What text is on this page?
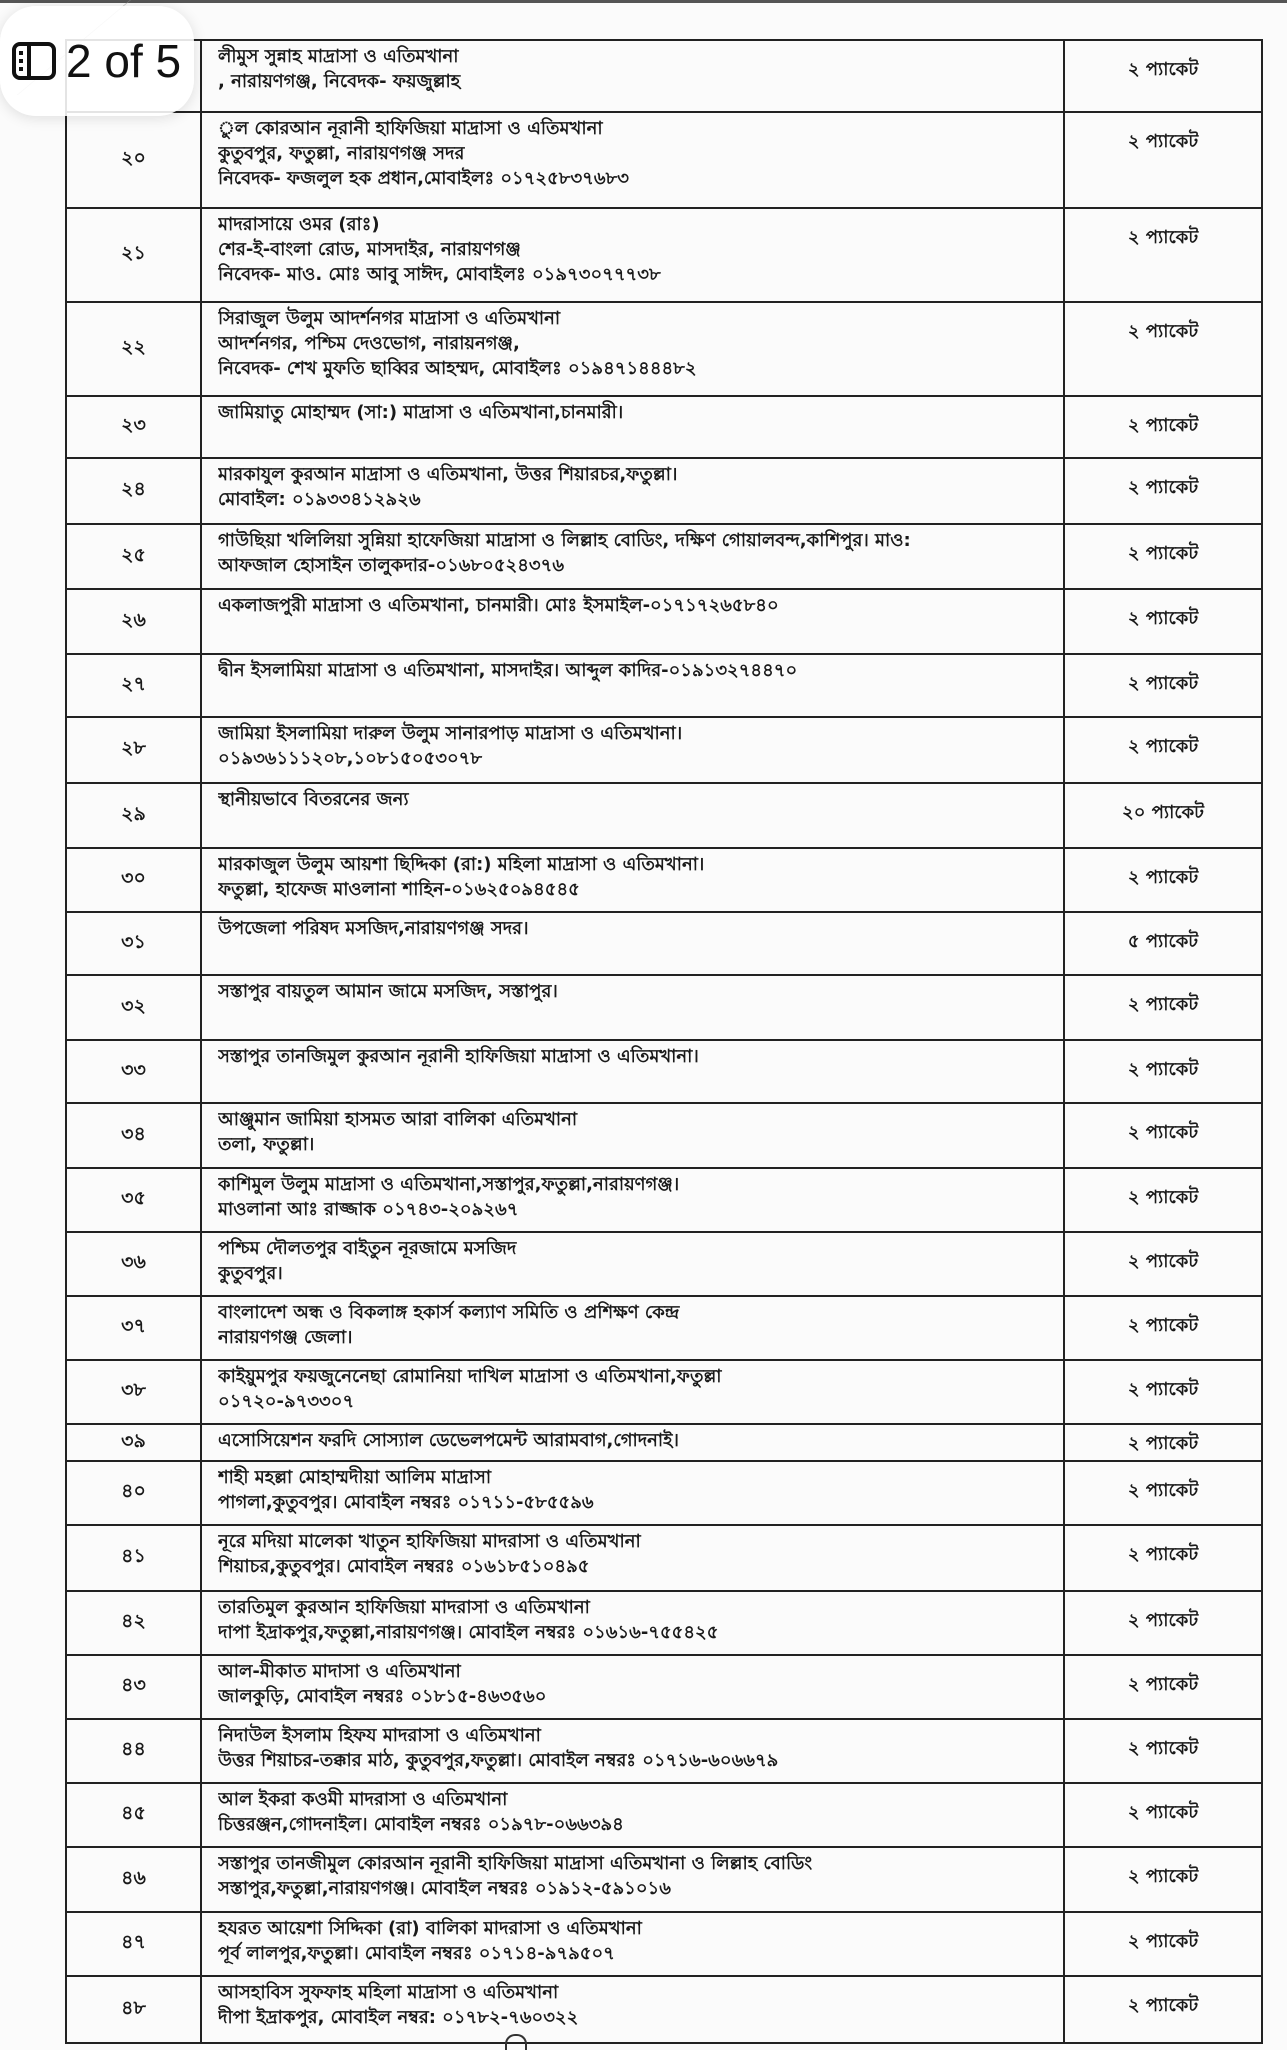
	লীমুস সুন্নাহ মাদ্রাসা ও এতিমখানা
, নারায়ণগঞ্জ, নিবেদক- ফয়জুল্লাহ	২ প্যাকেট
২০	ুল কোরআন নূরানী হাফিজিয়া মাদ্রাসা ও এতিমখানা
কুতুবপুর, ফতুল্লা, নারায়ণগঞ্জ সদর
নিবেদক- ফজলুল হক প্রধান,মোবাইলঃ ০১৭২৫৮৩৭৬৮৩	২ প্যাকেট
২১	মাদরাসায়ে ওমর (রাঃ)
শের-ই-বাংলা রোড, মাসদাইর, নারায়ণগঞ্জ
নিবেদক- মাও. মোঃ আবু সাঈদ, মোবাইলঃ ০১৯৭৩০৭৭৭৩৮	২ প্যাকেট
২২	সিরাজুল উলুম আদর্শনগর মাদ্রাসা ও এতিমখানা
আদর্শনগর, পশ্চিম দেওভোগ, নারায়নগঞ্জ,
নিবেদক- শেখ মুফতি ছাব্বির আহম্মদ, মোবাইলঃ ০১৯৪৭১৪৪৪৮২	২ প্যাকেট
২৩	জামিয়াতু মোহাম্মদ (সা:) মাদ্রাসা ও এতিমখানা,চানমারী।	২ প্যাকেট
২৪	মারকাযুল কুরআন মাদ্রাসা ও এতিমখানা, উত্তর শিয়ারচর,ফতুল্লা।
মোবাইল: ০১৯৩৩৪১২৯২৬	২ প্যাকেট
২৫	গাউছিয়া খলিলিয়া সুন্নিয়া হাফেজিয়া মাদ্রাসা ও লিল্লাহ বোডিং, দক্ষিণ গোয়ালবন্দ,কাশিপুর। মাও:
আফজাল হোসাইন তালুকদার-০১৬৮০৫২৪৩৭৬	২ প্যাকেট
২৬	একলাজপুরী মাদ্রাসা ও এতিমখানা, চানমারী। মোঃ ইসমাইল-০১৭১৭২৬৫৮৪০	২ প্যাকেট
২৭	দ্বীন ইসলামিয়া মাদ্রাসা ও এতিমখানা, মাসদাইর। আব্দুল কাদির-০১৯১৩২৭৪৪৭০	২ প্যাকেট
২৮	জামিয়া ইসলামিয়া দারুল উলুম সানারপাড় মাদ্রাসা ও এতিমখানা।
০১৯৩৬১১১২০৮,১০৮১৫০৫৩০৭৮	২ প্যাকেট
২৯	স্থানীয়ভাবে বিতরনের জন্য	২০ প্যাকেট
৩০	মারকাজুল উলুম আয়শা ছিদ্দিকা (রা:) মহিলা মাদ্রাসা ও এতিমখানা।
ফতুল্লা, হাফেজ মাওলানা শাহিন-০১৬২৫০৯৪৫৪৫	২ প্যাকেট
৩১	উপজেলা পরিষদ মসজিদ,নারায়ণগঞ্জ সদর।	৫ প্যাকেট
৩২	সস্তাপুর বায়তুল আমান জামে মসজিদ, সস্তাপুর।	২ প্যাকেট
৩৩	সস্তাপুর তানজিমুল কুরআন নূরানী হাফিজিয়া মাদ্রাসা ও এতিমখানা।	২ প্যাকেট
৩৪	আঞ্জুমান জামিয়া হাসমত আরা বালিকা এতিমখানা
তলা, ফতুল্লা।	২ প্যাকেট
৩৫	কাশিমুল উলুম মাদ্রাসা ও এতিমখানা,সস্তাপুর,ফতুল্লা,নারায়ণগঞ্জ।
মাওলানা আঃ রাজ্জাক ০১৭৪৩-২০৯২৬৭	২ প্যাকেট
৩৬	পশ্চিম দৌলতপুর বাইতুন নূরজামে মসজিদ
কুতুবপুর।	২ প্যাকেট
৩৭	বাংলাদেশ অন্ধ ও বিকলাঙ্গ হকার্স কল্যাণ সমিতি ও প্রশিক্ষণ কেন্দ্র
নারায়ণগঞ্জ জেলা।	২ প্যাকেট
৩৮	কাইয়ুমপুর ফয়জুনেনেছা রোমানিয়া দাখিল মাদ্রাসা ও এতিমখানা,ফতুল্লা
০১৭২০-৯৭৩৩০৭	২ প্যাকেট
৩৯	এসোসিয়েশন ফরদি সোস্যাল ডেভেলপমেন্ট আরামবাগ,গোদনাই।	২ প্যাকেট
৪০	শাহী মহল্লা মোহাম্মদীয়া আলিম মাদ্রাসা
পাগলা,কুতুবপুর। মোবাইল নম্বরঃ ০১৭১১-৫৮৫৫৯৬	২ প্যাকেট
৪১	নূরে মদিয়া মালেকা খাতুন হাফিজিয়া মাদরাসা ও এতিমখানা
শিয়াচর,কুতুবপুর। মোবাইল নম্বরঃ ০১৬১৮৫১০৪৯৫	২ প্যাকেট
৪২	তারতিমুল কুরআন হাফিজিয়া মাদরাসা ও এতিমখানা
দাপা ইদ্রাকপুর,ফতুল্লা,নারায়ণগঞ্জ। মোবাইল নম্বরঃ ০১৬১৬-৭৫৫৪২৫	২ প্যাকেট
৪৩	আল-মীকাত মাদাসা ও এতিমখানা
জালকুড়ি, মোবাইল নম্বরঃ ০১৮১৫-৪৬৩৫৬০	২ প্যাকেট
৪৪	নিদাউল ইসলাম হিফয মাদরাসা ও এতিমখানা
উত্তর শিয়াচর-তক্কার মাঠ, কুতুবপুর,ফতুল্লা। মোবাইল নম্বরঃ ০১৭১৬-৬০৬৬৭৯	২ প্যাকেট
৪৫	আল ইকরা কওমী মাদরাসা ও এতিমখানা
চিত্তরঞ্জন,গোদনাইল। মোবাইল নম্বরঃ ০১৯৭৮-০৬৬৩৯৪	২ প্যাকেট
৪৬	সস্তাপুর তানজীমুল কোরআন নূরানী হাফিজিয়া মাদ্রাসা এতিমখানা ও লিল্লাহ বোডিং
সস্তাপুর,ফতুল্লা,নারায়ণগঞ্জ। মোবাইল নম্বরঃ ০১৯১২-৫৯১০১৬	২ প্যাকেট
৪৭	হযরত আয়েশা সিদ্দিকা (রা) বালিকা মাদরাসা ও এতিমখানা
পূর্ব লালপুর,ফতুল্লা। মোবাইল নম্বরঃ ০১৭১৪-৯৭৯৫০৭	২ প্যাকেট
৪৮	আসহাবিস সুফফাহ মহিলা মাদ্রাসা ও এতিমখানা
দীপা ইদ্রাকপুর, মোবাইল নম্বর: ০১৭৮২-৭৬০৩২২	২ প্যাকেট
2 of 5
